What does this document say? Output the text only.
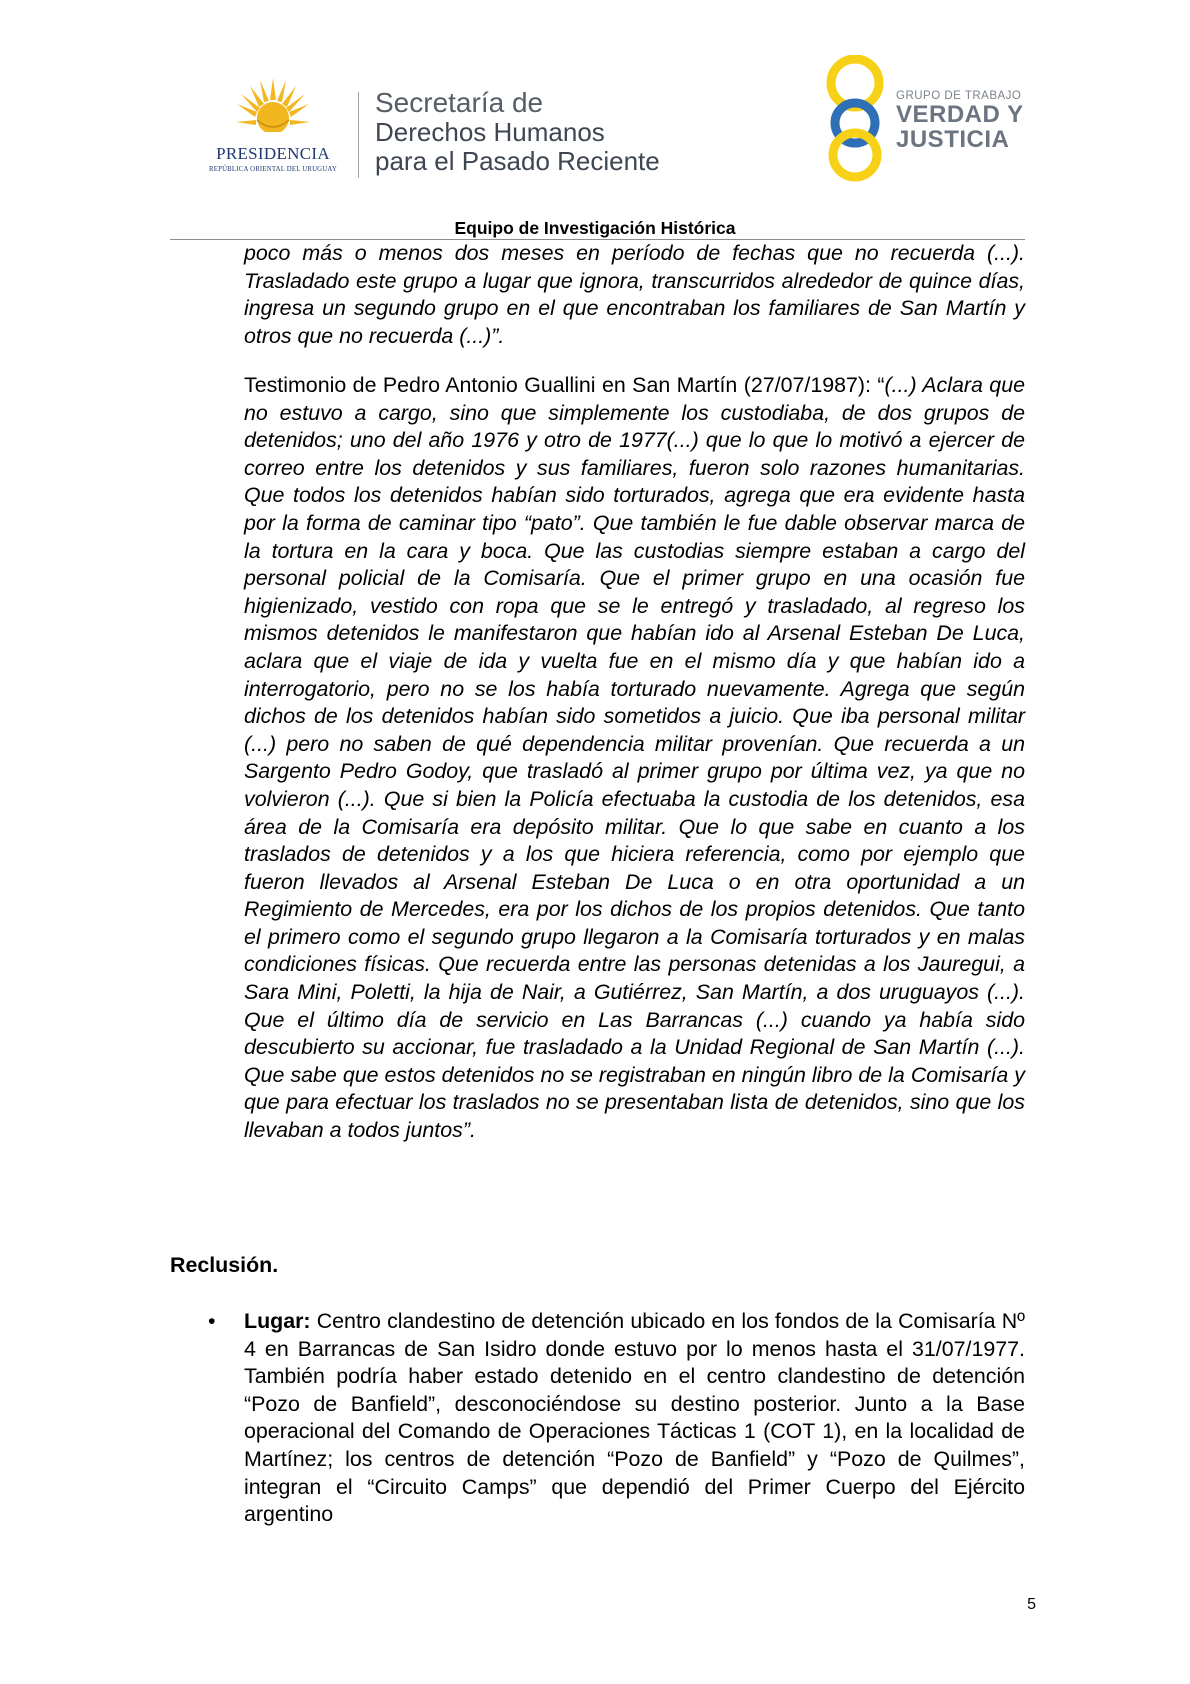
PRESIDENCIA
REPÚBLICA ORIENTAL DEL URUGUAY
Secretaría de
Derechos Humanos
para el Pasado Reciente
GRUPO DE TRABAJO
VERDAD Y
JUSTICIA
Equipo de Investigación Histórica

poco más o menos dos meses en período de fechas que no recuerda (...). Trasladado este grupo a lugar que ignora, transcurridos alrededor de quince días, ingresa un segundo grupo en el que encontraban los familiares de San Martín y otros que no recuerda (...)”.

Testimonio de Pedro Antonio Guallini en San Martín (27/07/1987): “(...) Aclara que no estuvo a cargo, sino que simplemente los custodiaba, de dos grupos de detenidos; uno del año 1976 y otro de 1977(...) que lo que lo motivó a ejercer de correo entre los detenidos y sus familiares, fueron solo razones humanitarias. Que todos los detenidos habían sido torturados, agrega que era evidente hasta por la forma de caminar tipo “pato”. Que también le fue dable observar marca de la tortura en la cara y boca. Que las custodias siempre estaban a cargo del personal policial de la Comisaría. Que el primer grupo en una ocasión fue higienizado, vestido con ropa que se le entregó y trasladado, al regreso los mismos detenidos le manifestaron que habían ido al Arsenal Esteban De Luca, aclara que el viaje de ida y vuelta fue en el mismo día y que habían ido a interrogatorio, pero no se los había torturado nuevamente. Agrega que según dichos de los detenidos habían sido sometidos a juicio. Que iba personal militar (...) pero no saben de qué dependencia militar provenían. Que recuerda a un Sargento Pedro Godoy, que trasladó al primer grupo por última vez, ya que no volvieron (...). Que si bien la Policía efectuaba la custodia de los detenidos, esa área de la Comisaría era depósito militar. Que lo que sabe en cuanto a los traslados de detenidos y a los que hiciera referencia, como por ejemplo que fueron llevados al Arsenal Esteban De Luca o en otra oportunidad a un Regimiento de Mercedes, era por los dichos de los propios detenidos. Que tanto el primero como el segundo grupo llegaron a la Comisaría torturados y en malas condiciones físicas. Que recuerda entre las personas detenidas a los Jauregui, a Sara Mini, Poletti, la hija de Nair, a Gutiérrez, San Martín, a dos uruguayos (...). Que el último día de servicio en Las Barrancas (...) cuando ya había sido descubierto su accionar, fue trasladado a la Unidad Regional de San Martín (...). Que sabe que estos detenidos no se registraban en ningún libro de la Comisaría y que para efectuar los traslados no se presentaban lista de detenidos, sino que los llevaban a todos juntos”.

Reclusión.
• Lugar: Centro clandestino de detención ubicado en los fondos de la Comisaría Nº 4 en Barrancas de San Isidro donde estuvo por lo menos hasta el 31/07/1977. También podría haber estado detenido en el centro clandestino de detención “Pozo de Banfield”, desconociéndose su destino posterior. Junto a la Base operacional del Comando de Operaciones Tácticas 1 (COT 1), en la localidad de Martínez; los centros de detención “Pozo de Banfield” y “Pozo de Quilmes”, integran el “Circuito Camps” que dependió del Primer Cuerpo del Ejército argentino

5
